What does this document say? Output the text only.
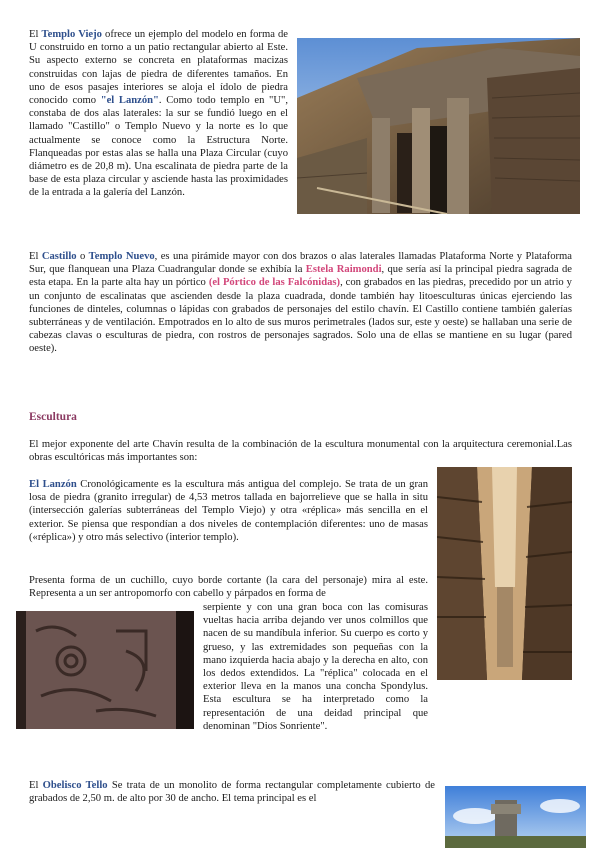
El Templo Viejo ofrece un ejemplo del modelo en forma de U construido en torno a un patio rectangular abierto al Este. Su aspecto externo se concreta en plataformas macizas construidas con lajas de piedra de diferentes tamaños. En uno de esos pasajes interiores se aloja el ídolo de piedra conocido como "el Lanzón". Como todo templo en "U", constaba de dos alas laterales: la sur se fundió luego en el llamado "Castillo" o Templo Nuevo y la norte es lo que actualmente se conoce como la Estructura Norte. Flanqueadas por estas alas se halla una Plaza Circular (cuyo diámetro es de 20,8 m). Una escalinata de piedra parte de la base de esta plaza circular y asciende hasta las proximidades de la entrada a la galería del Lanzón.

El Castillo o Templo Nuevo, es una pirámide mayor con dos brazos o alas laterales llamadas Plataforma Norte y Plataforma Sur, que flanquean una Plaza Cuadrangular donde se exhibía la Estela Raimondi, que sería así la principal piedra sagrada de esta etapa. En la parte alta hay un pórtico (el Pórtico de las Falcónidas), con grabados en las piedras, precedido por un atrio y un conjunto de escalinatas que ascienden desde la plaza cuadrada, donde también hay litoesculturas únicas ejerciendo las funciones de dinteles, columnas o lápidas con grabados de personajes del estilo chavín. El Castillo contiene también galerías subterráneas y de ventilación. Empotrados en lo alto de sus muros perimetrales (lados sur, este y oeste) se hallaban una serie de cabezas clavas o esculturas de piedra, con rostros de personajes sagrados. Solo una de ellas se mantiene en su lugar (pared oeste).

Escultura

El mejor exponente del arte Chavín resulta de la combinación de la escultura monumental con la arquitectura ceremonial.Las obras escultóricas más importantes son:

El Lanzón Cronológicamente es la escultura más antigua del complejo. Se trata de un gran losa de piedra (granito irregular) de 4,53 metros tallada en bajorrelieve que se halla in situ (intersección galerías subterráneas del Templo Viejo) y otra «réplica» más sencilla en el exterior. Se piensa que respondían a dos niveles de contemplación diferentes: uno de masas («réplica») y otro más selectivo (interior templo).

Presenta forma de un cuchillo, cuyo borde cortante (la cara del personaje) mira al este. Representa a un ser antropomorfo con cabello y párpados en forma de

serpiente y con una gran boca con las comisuras vueltas hacia arriba dejando ver unos colmillos que nacen de su mandíbula inferior. Su cuerpo es corto y grueso, y las extremidades son pequeñas con la mano izquierda hacia abajo y la derecha en alto, con los dedos extendidos. La "réplica" colocada en el exterior lleva en la manos una concha Spondylus. Esta escultura se ha interpretado como la representación de una deidad principal que denominan "Dios Sonriente".

El Obelisco Tello Se trata de un monolito de forma rectangular completamente cubierto de grabados de 2,50 m. de alto por 30 de ancho. El tema principal es el
